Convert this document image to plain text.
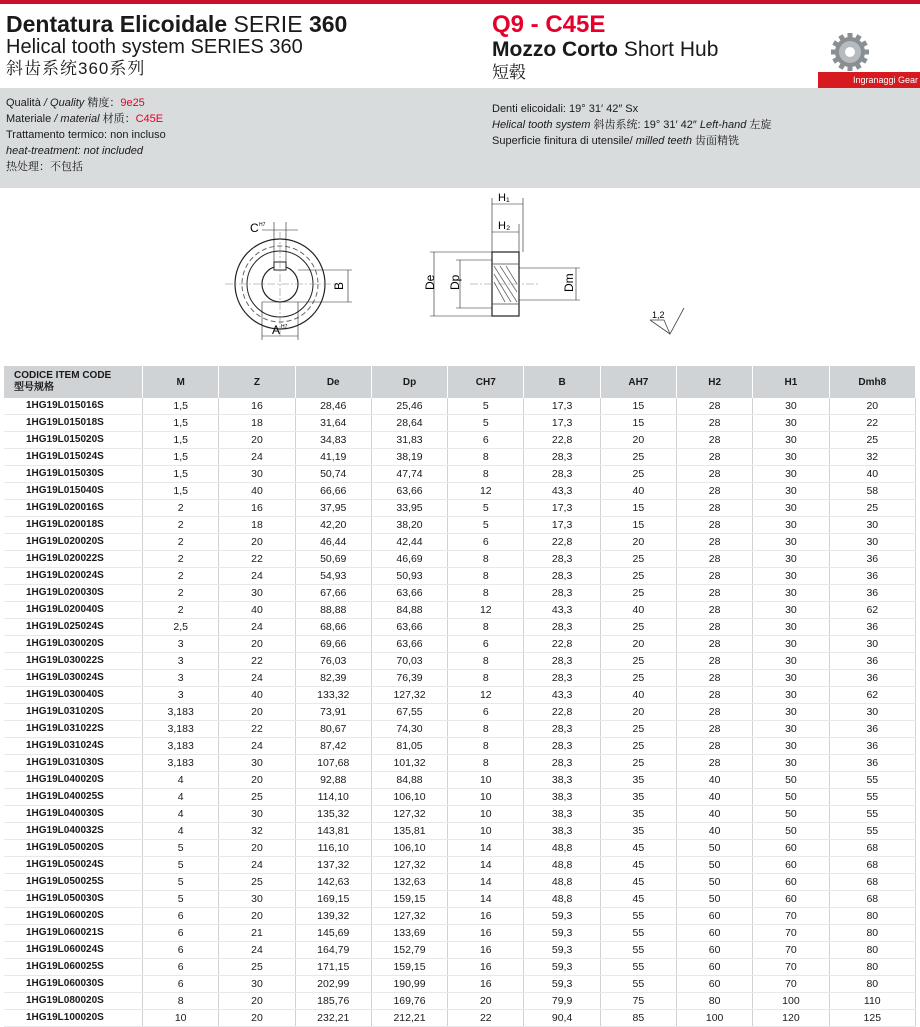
Dentatura Elicoidale SERIE 360
Helical tooth system SERIES 360
斜齿系统360系列
Q9 - C45E
Mozzo Corto Short Hub
短毂	Ingranaggi Gear
Qualità / Quality 精度：9e25
Materiale / material 材质：C45E
Trattamento termico: non incluso
heat-treatment: not included
热处理：不包括
Denti elicoidali: 19° 31′ 42″ Sx
Helical tooth system 斜齿系统: 19° 31′ 42″ Left-hand 左旋
Superficie finitura di utensile/ milled teeth 齿面精铣
C H7
B
A H7
H₁
H₂
De Dp	Dm
1,2
CODICE ITEM CODE
型号规格	M	Z	De	Dp	CH7	B	AH7	H2	H1	Dmh8
1HG19L015016S	1,5	16	28,46	25,46	5	17,3	15	28	30	20
1HG19L015018S	1,5	18	31,64	28,64	5	17,3	15	28	30	22
1HG19L015020S	1,5	20	34,83	31,83	6	22,8	20	28	30	25
1HG19L015024S	1,5	24	41,19	38,19	8	28,3	25	28	30	32
1HG19L015030S	1,5	30	50,74	47,74	8	28,3	25	28	30	40
1HG19L015040S	1,5	40	66,66	63,66	12	43,3	40	28	30	58
1HG19L020016S	2	16	37,95	33,95	5	17,3	15	28	30	25
1HG19L020018S	2	18	42,20	38,20	5	17,3	15	28	30	30
1HG19L020020S	2	20	46,44	42,44	6	22,8	20	28	30	30
1HG19L020022S	2	22	50,69	46,69	8	28,3	25	28	30	36
1HG19L020024S	2	24	54,93	50,93	8	28,3	25	28	30	36
1HG19L020030S	2	30	67,66	63,66	8	28,3	25	28	30	36
1HG19L020040S	2	40	88,88	84,88	12	43,3	40	28	30	62
1HG19L025024S	2,5	24	68,66	63,66	8	28,3	25	28	30	36
1HG19L030020S	3	20	69,66	63,66	6	22,8	20	28	30	30
1HG19L030022S	3	22	76,03	70,03	8	28,3	25	28	30	36
1HG19L030024S	3	24	82,39	76,39	8	28,3	25	28	30	36
1HG19L030040S	3	40	133,32	127,32	12	43,3	40	28	30	62
1HG19L031020S	3,183	20	73,91	67,55	6	22,8	20	28	30	30
1HG19L031022S	3,183	22	80,67	74,30	8	28,3	25	28	30	36
1HG19L031024S	3,183	24	87,42	81,05	8	28,3	25	28	30	36
1HG19L031030S	3,183	30	107,68	101,32	8	28,3	25	28	30	36
1HG19L040020S	4	20	92,88	84,88	10	38,3	35	40	50	55
1HG19L040025S	4	25	114,10	106,10	10	38,3	35	40	50	55
1HG19L040030S	4	30	135,32	127,32	10	38,3	35	40	50	55
1HG19L040032S	4	32	143,81	135,81	10	38,3	35	40	50	55
1HG19L050020S	5	20	116,10	106,10	14	48,8	45	50	60	68
1HG19L050024S	5	24	137,32	127,32	14	48,8	45	50	60	68
1HG19L050025S	5	25	142,63	132,63	14	48,8	45	50	60	68
1HG19L050030S	5	30	169,15	159,15	14	48,8	45	50	60	68
1HG19L060020S	6	20	139,32	127,32	16	59,3	55	60	70	80
1HG19L060021S	6	21	145,69	133,69	16	59,3	55	60	70	80
1HG19L060024S	6	24	164,79	152,79	16	59,3	55	60	70	80
1HG19L060025S	6	25	171,15	159,15	16	59,3	55	60	70	80
1HG19L060030S	6	30	202,99	190,99	16	59,3	55	60	70	80
1HG19L080020S	8	20	185,76	169,76	20	79,9	75	80	100	110
1HG19L100020S	10	20	232,21	212,21	22	90,4	85	100	120	125
